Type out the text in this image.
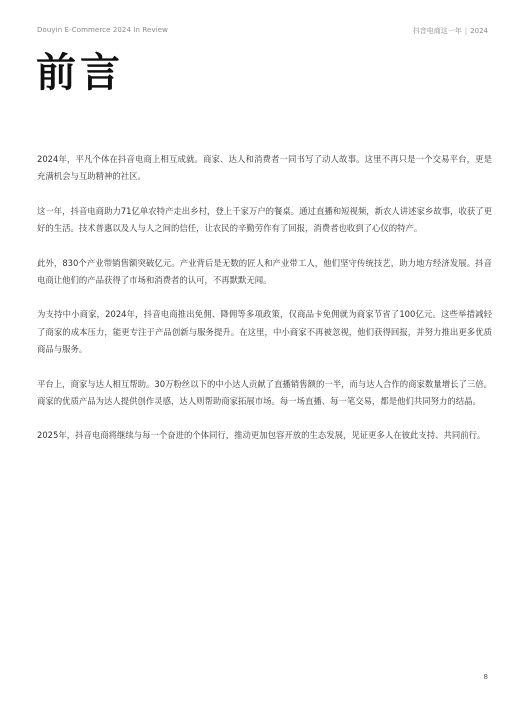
Douyin E-Commerce 2024 In Review	抖音电商这一年 | 2024
前言

2024年，平凡个体在抖音电商上相互成就。商家、达人和消费者一同书写了动人故事。这里不再只是一个交易平台，更是充满机会与互助精神的社区。

这一年，抖音电商助力71亿单农特产走出乡村，登上千家万户的餐桌。通过直播和短视频，新农人讲述家乡故事，收获了更好的生活。技术普惠以及人与人之间的信任，让农民的辛勤劳作有了回报，消费者也收到了心仪的特产。

此外，830个产业带销售额突破亿元。产业背后是无数的匠人和产业带工人，他们坚守传统技艺，助力地方经济发展。抖音电商让他们的产品获得了市场和消费者的认可，不再默默无闻。

为支持中小商家，2024年，抖音电商推出免佣、降佣等多项政策，仅商品卡免佣就为商家节省了100亿元。这些举措减轻了商家的成本压力，能更专注于产品创新与服务提升。在这里，中小商家不再被忽视，他们获得回报，并努力推出更多优质商品与服务。

平台上，商家与达人相互帮助。30万粉丝以下的中小达人贡献了直播销售额的一半，而与达人合作的商家数量增长了三倍。商家的优质产品为达人提供创作灵感，达人则帮助商家拓展市场。每一场直播、每一笔交易，都是他们共同努力的结晶。

2025年，抖音电商将继续与每一个奋进的个体同行，推动更加包容开放的生态发展，见证更多人在彼此支持、共同前行。

8
